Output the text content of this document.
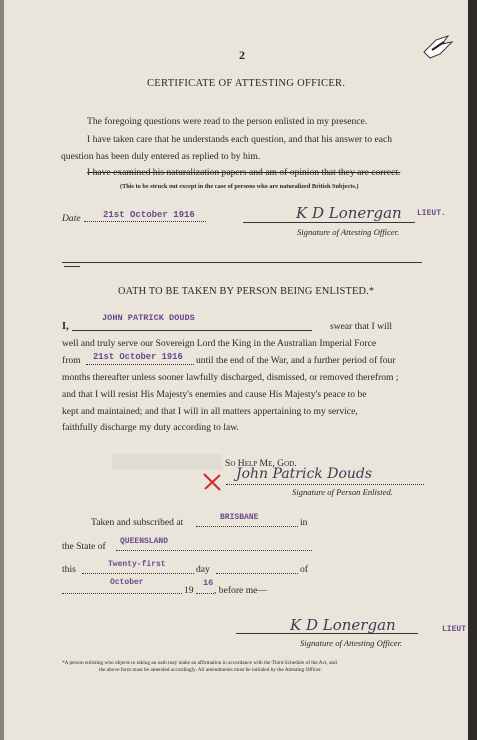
2
CERTIFICATE OF ATTESTING OFFICER.
The foregoing questions were read to the person enlisted in my presence.
I have taken care that he understands each question, and that his answer to each
question has been duly entered as replied to by him.
I have examined his naturalization papers and am of opinion that they are correct.
(This to be struck out except in the case of persons who are naturalized British Subjects.)
Date 21st October 1916	K D Lonergan LIEUT.
Signature of Attesting Officer.
OATH TO BE TAKEN BY PERSON BEING ENLISTED.*
I,
JOHN PATRICK DOUDS
swear that I will
well and truly serve our Sovereign Lord the King in the Australian Imperial Force
from 21st October 1916 until the end of the War, and a further period of four
months thereafter unless sooner lawfully discharged, dismissed, or removed therefrom ;
and that I will resist His Majesty's enemies and cause His Majesty's peace to be
kept and maintained; and that I will in all matters appertaining to my service,
faithfully discharge my duty according to law.
So Help Me, God.
John Patrick Douds
Signature of Person Enlisted.
Taken and subscribed at	BRISBANE	in
the State of QUEENSLAND
this	Twenty-first	day	of
October
19
16
, before me—
K D Lonergan	LIEUT
Signature of Attesting Officer.
*A person enlisting who objects to taking an oath may make an affirmation in accordance with the Third Schedule of the Act, and
the above form must be amended accordingly. All amendments must be initialed by the Attesting Officer.
